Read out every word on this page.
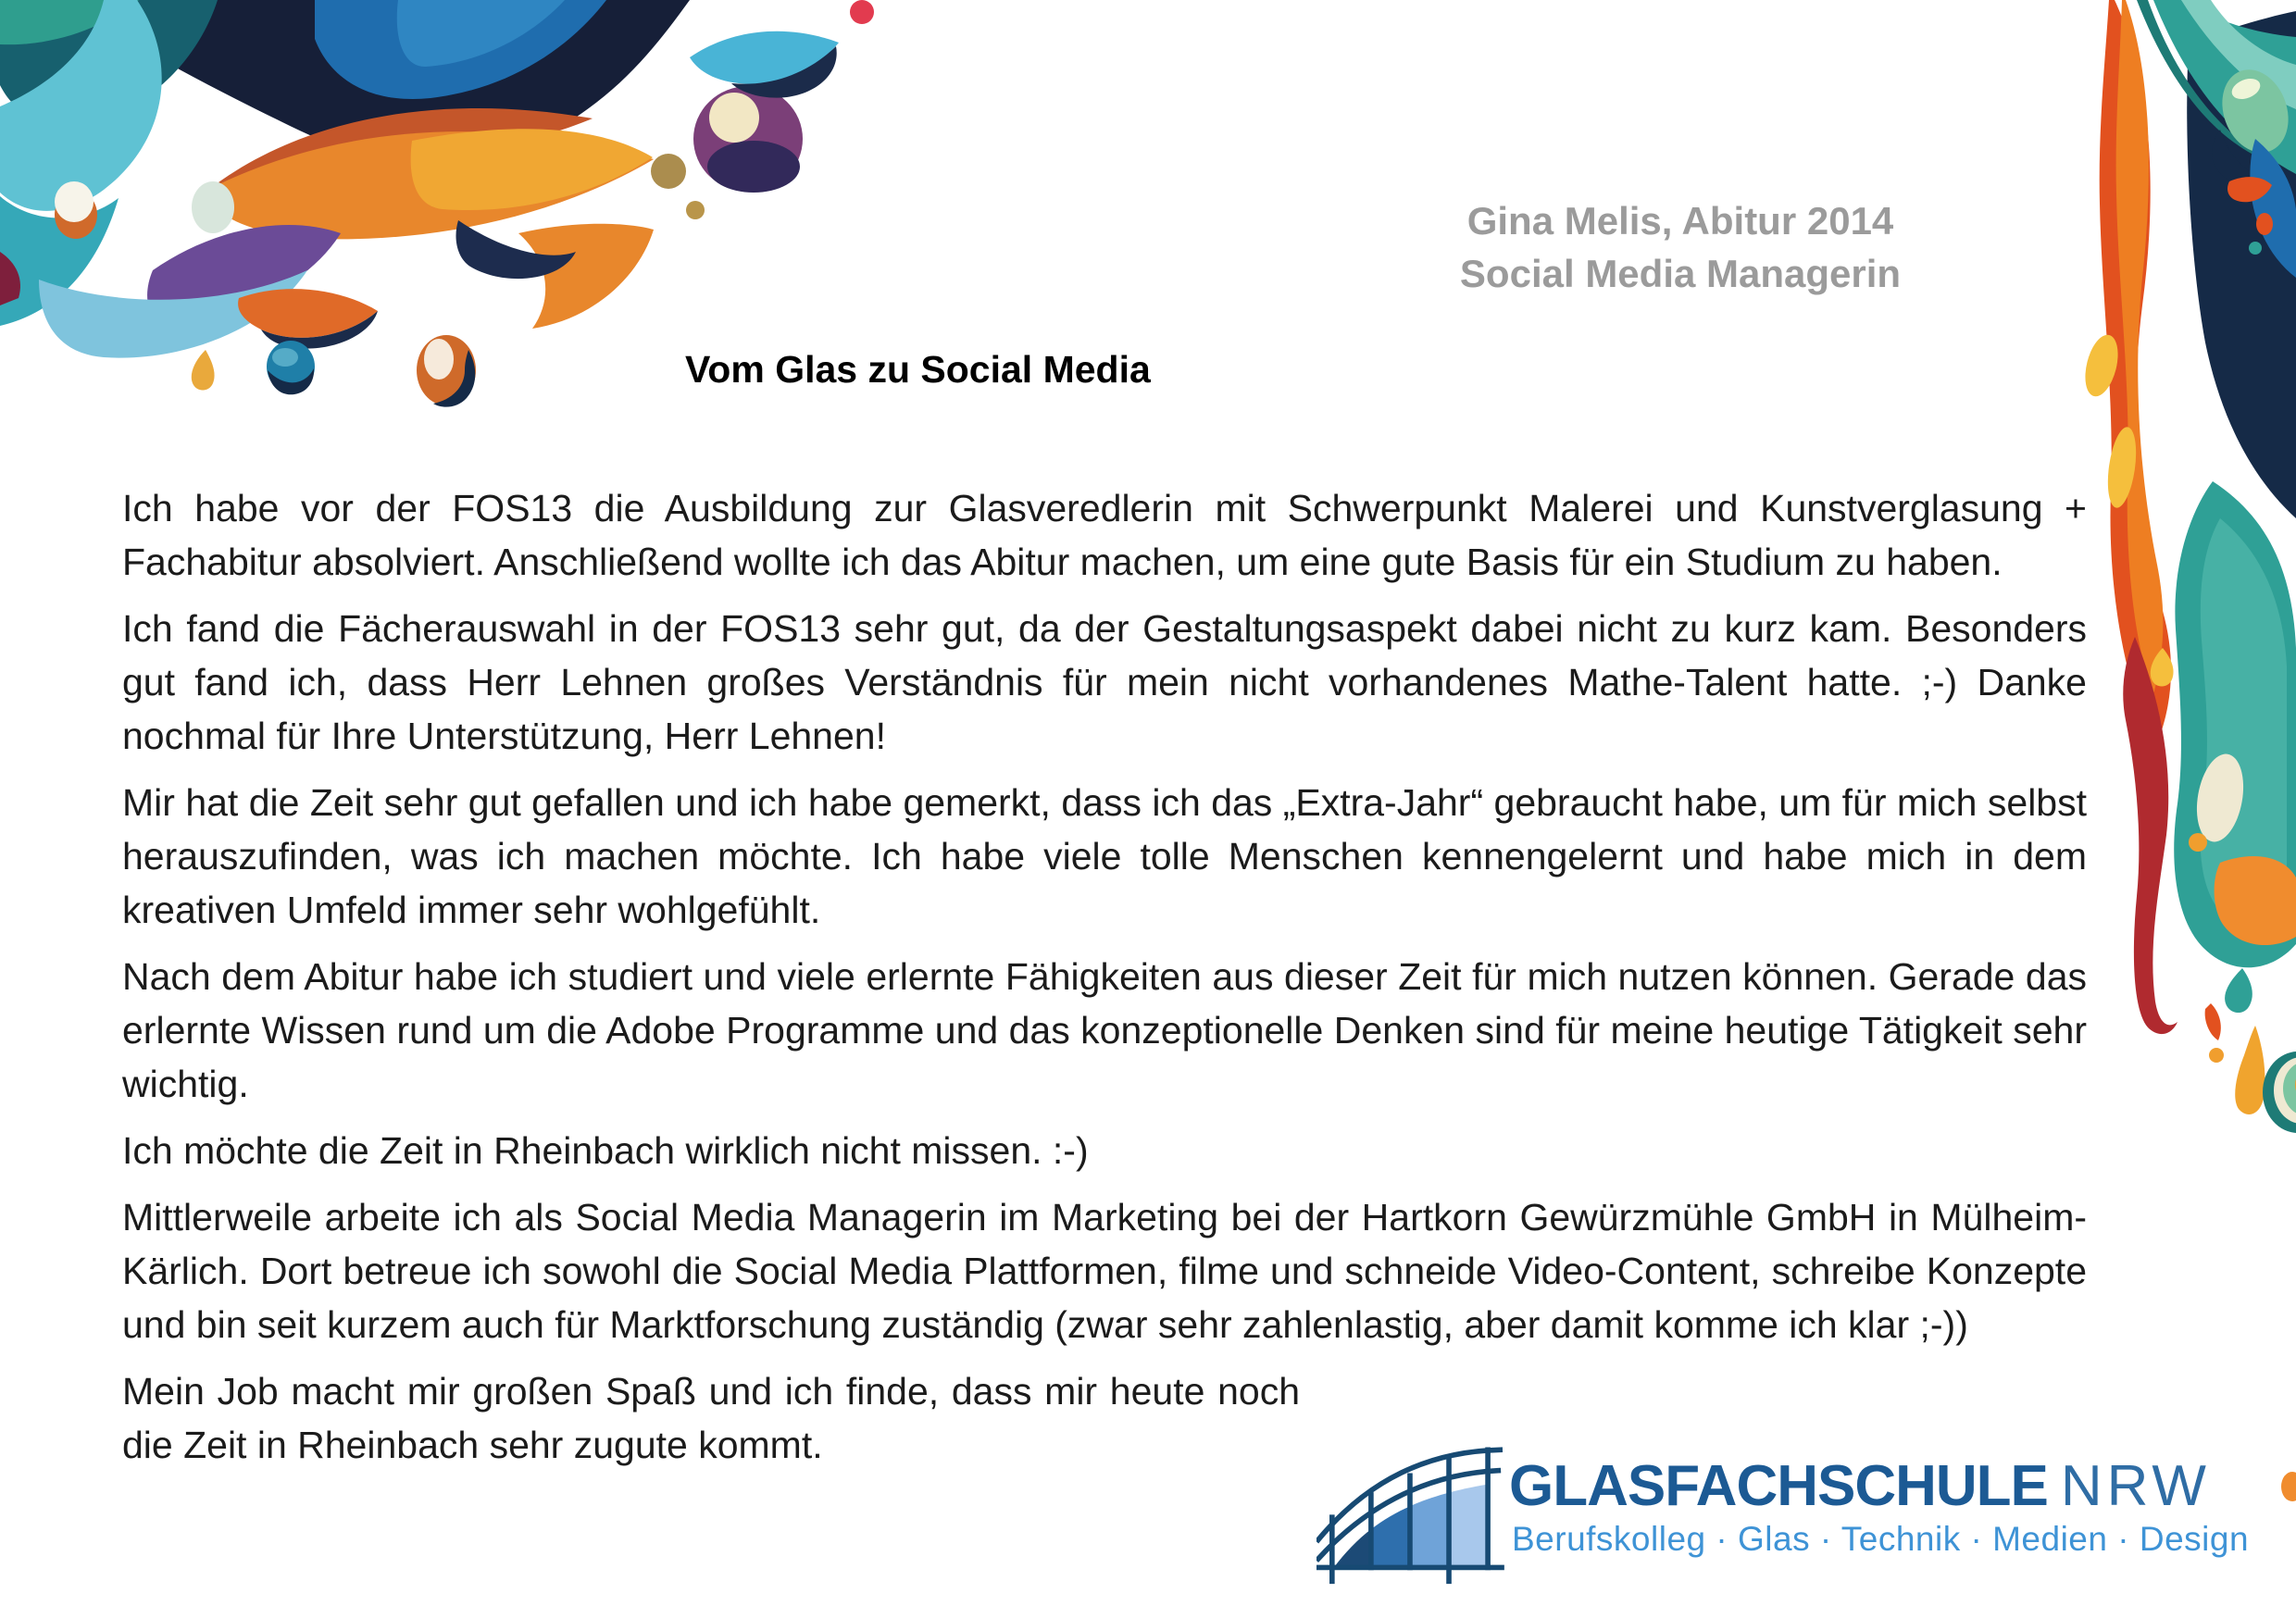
Gina Melis, Abitur 2014
Social Media Managerin
Vom Glas zu Social Media

Ich habe vor der FOS13 die Ausbildung zur Glasveredlerin mit Schwerpunkt Malerei und Kunstverglasung + Fachabitur absolviert. Anschließend wollte ich das Abitur machen, um eine gute Basis für ein Studium zu haben.

Ich fand die Fächerauswahl in der FOS13 sehr gut, da der Gestaltungsaspekt dabei nicht zu kurz kam. Besonders gut fand ich, dass Herr Lehnen großes Verständnis für mein nicht vorhandenes Mathe-Talent hatte. ;-) Danke nochmal für Ihre Unterstützung, Herr Lehnen!

Mir hat die Zeit sehr gut gefallen und ich habe gemerkt, dass ich das „Extra-Jahr“ gebraucht habe, um für mich selbst herauszufinden, was ich machen möchte. Ich habe viele tolle Menschen kennengelernt und habe mich in dem kreativen Umfeld immer sehr wohlgefühlt.

Nach dem Abitur habe ich studiert und viele erlernte Fähigkeiten aus dieser Zeit für mich nutzen können. Gerade das erlernte Wissen rund um die Adobe Programme und das konzeptionelle Denken sind für meine heutige Tätigkeit sehr wichtig.

Ich möchte die Zeit in Rheinbach wirklich nicht missen. :-)

Mittlerweile arbeite ich als Social Media Managerin im Marketing bei der Hartkorn Gewürzmühle GmbH in Mülheim-Kärlich. Dort betreue ich sowohl die Social Media Plattformen, filme und schneide Video-Content, schreibe Konzepte und bin seit kurzem auch für Marktforschung zuständig (zwar sehr zahlenlastig, aber damit komme ich klar ;-))

Mein Job macht mir großen Spaß und ich finde, dass mir heute noch die Zeit in Rheinbach sehr zugute kommt.

GLASFACHSCHULE NRW
Berufskolleg · Glas · Technik · Medien · Design
